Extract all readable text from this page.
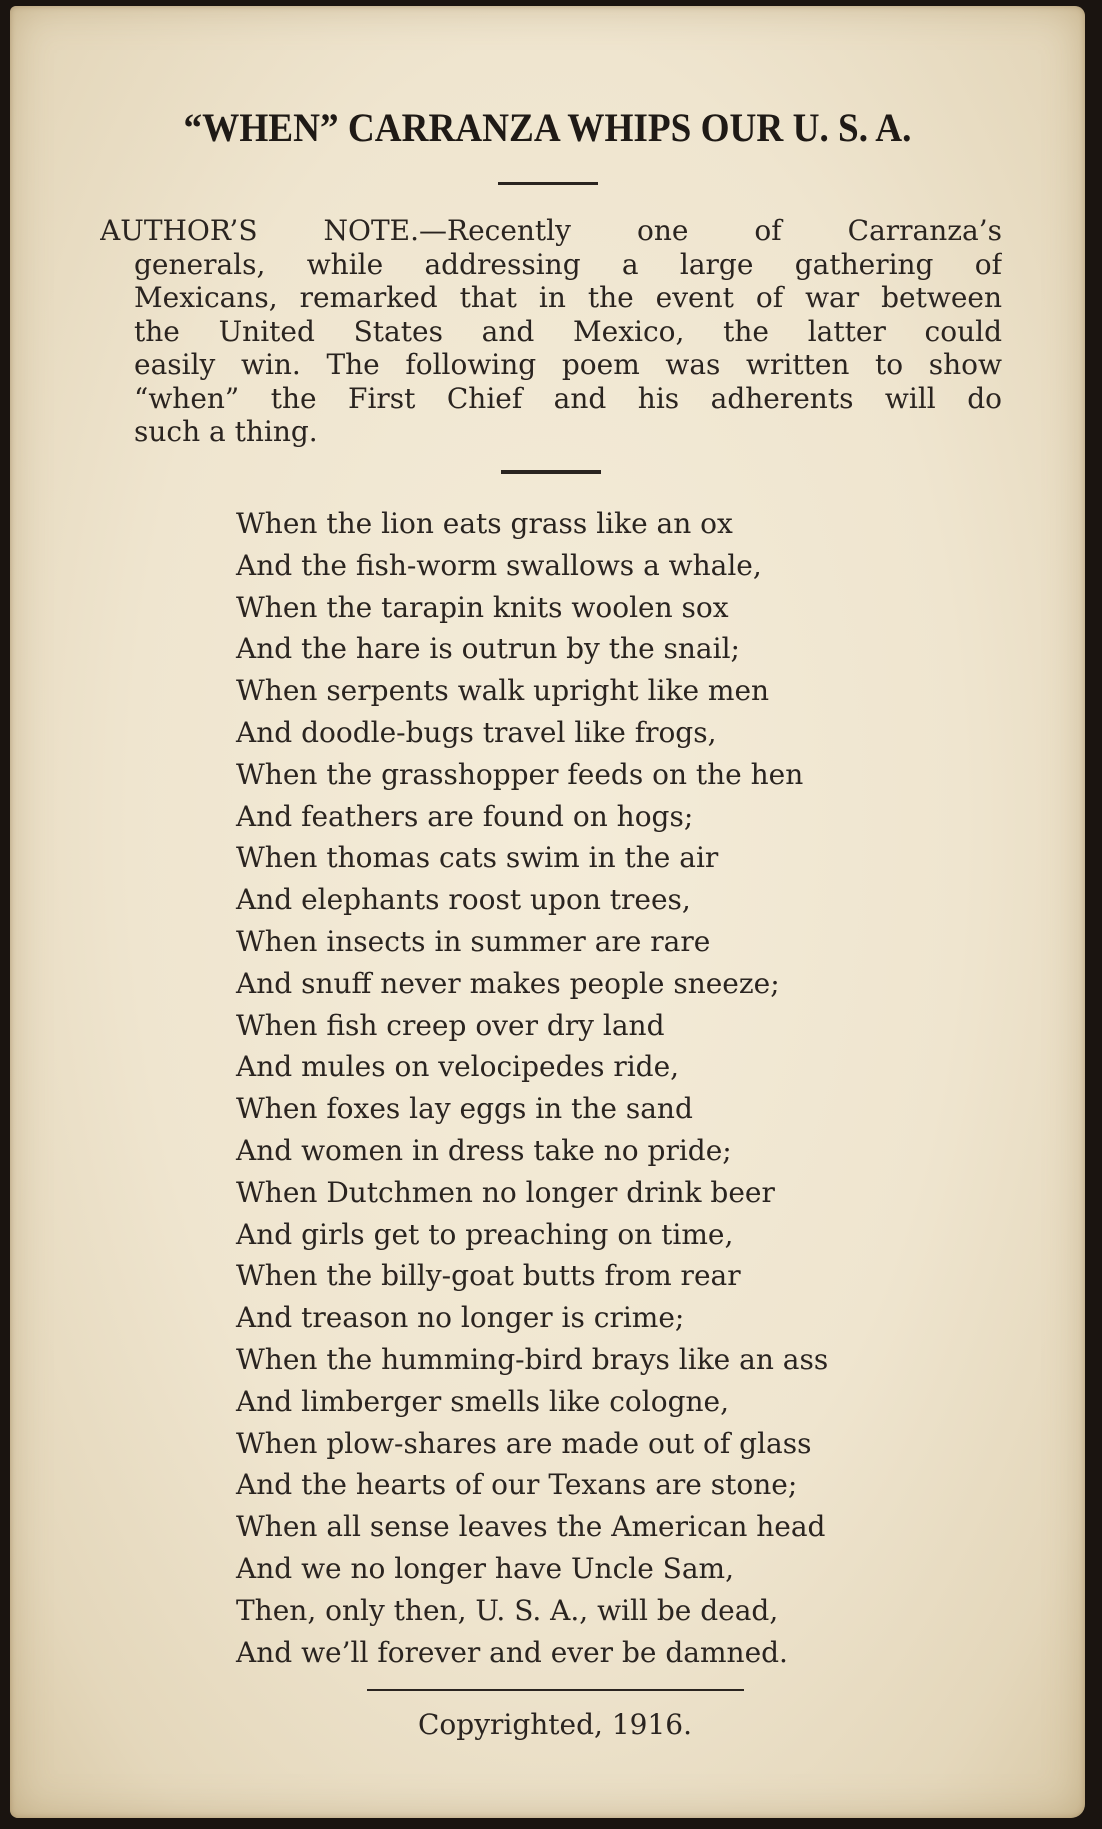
“WHEN” CARRANZA WHIPS OUR U. S. A.
AUTHOR’S NOTE.—Recently one of Carranza’s
generals, while addressing a large gathering of
Mexicans, remarked that in the event of war between
the United States and Mexico, the latter could
easily win. The following poem was written to show
“when” the First Chief and his adherents will do
such a thing.
When the lion eats grass like an ox
And the fish-worm swallows a whale,
When the tarapin knits woolen sox
And the hare is outrun by the snail;
When serpents walk upright like men
And doodle-bugs travel like frogs,
When the grasshopper feeds on the hen
And feathers are found on hogs;
When thomas cats swim in the air
And elephants roost upon trees,
When insects in summer are rare
And snuff never makes people sneeze;
When fish creep over dry land
And mules on velocipedes ride,
When foxes lay eggs in the sand
And women in dress take no pride;
When Dutchmen no longer drink beer
And girls get to preaching on time,
When the billy-goat butts from rear
And treason no longer is crime;
When the humming-bird brays like an ass
And limberger smells like cologne,
When plow-shares are made out of glass
And the hearts of our Texans are stone;
When all sense leaves the American head
And we no longer have Uncle Sam,
Then, only then, U. S. A., will be dead,
And we’ll forever and ever be damned.
Copyrighted, 1916.
